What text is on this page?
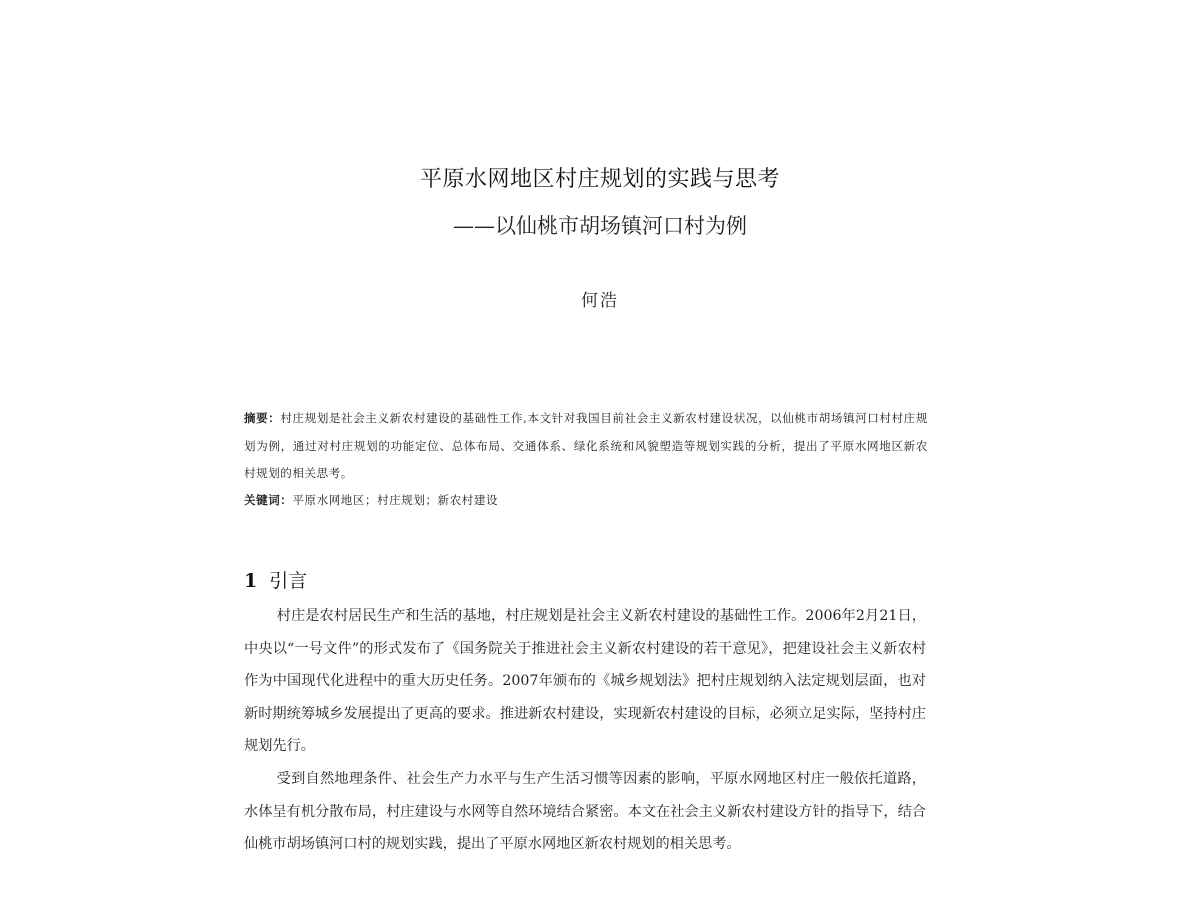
平原水网地区村庄规划的实践与思考
——以仙桃市胡场镇河口村为例
何浩
摘要：村庄规划是社会主义新农村建设的基础性工作,本文针对我国目前社会主义新农村建设状况，以仙桃市胡场镇河口村村庄规划为例，通过对村庄规划的功能定位、总体布局、交通体系、绿化系统和风貌塑造等规划实践的分析，提出了平原水网地区新农村规划的相关思考。
关键词：平原水网地区；村庄规划；新农村建设
1 引言

村庄是农村居民生产和生活的基地，村庄规划是社会主义新农村建设的基础性工作。2006年2月21日，中央以“一号文件”的形式发布了《国务院关于推进社会主义新农村建设的若干意见》，把建设社会主义新农村作为中国现代化进程中的重大历史任务。2007年颁布的《城乡规划法》把村庄规划纳入法定规划层面，也对新时期统筹城乡发展提出了更高的要求。推进新农村建设，实现新农村建设的目标，必须立足实际，坚持村庄规划先行。

受到自然地理条件、社会生产力水平与生产生活习惯等因素的影响，平原水网地区村庄一般依托道路，水体呈有机分散布局，村庄建设与水网等自然环境结合紧密。本文在社会主义新农村建设方针的指导下，结合仙桃市胡场镇河口村的规划实践，提出了平原水网地区新农村规划的相关思考。
